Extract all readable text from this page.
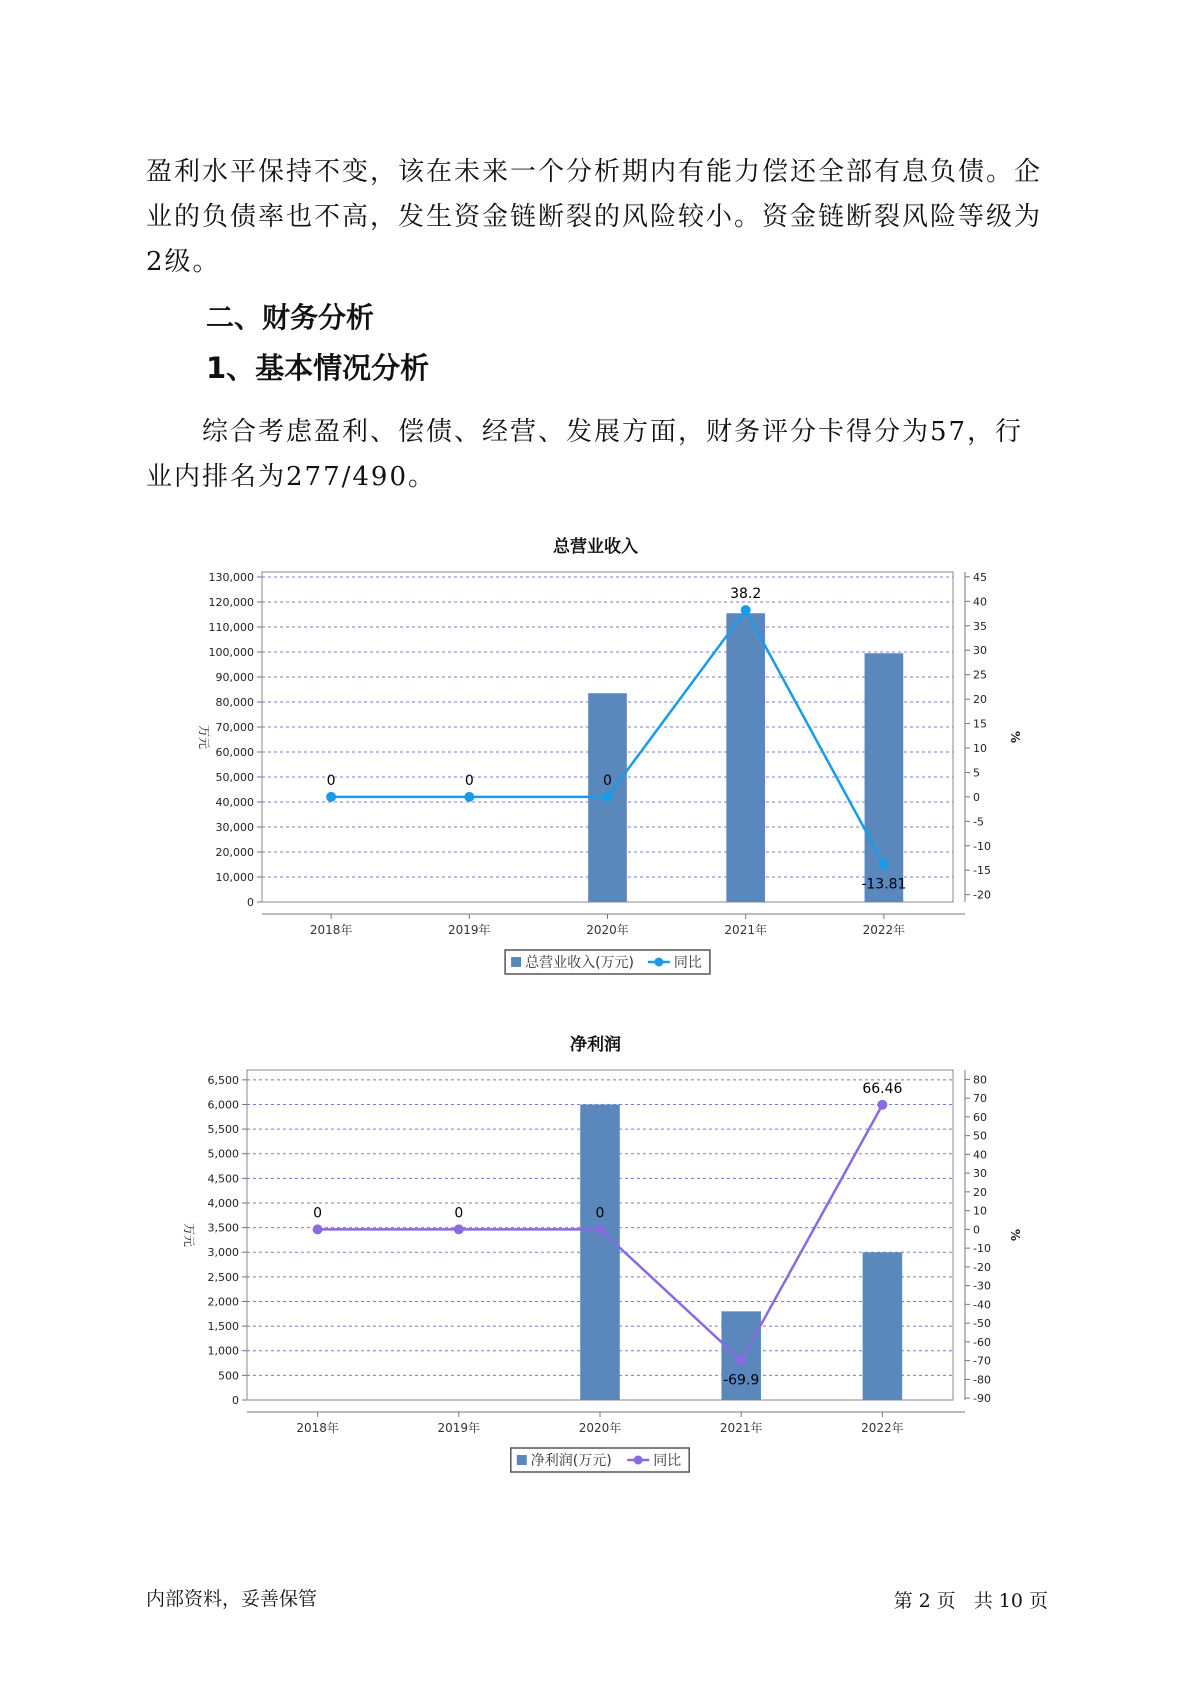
盈利水平保持不变，该在未来一个分析期内有能力偿还全部有息负债。企业的负债率也不高，发生资金链断裂的风险较小。资金链断裂风险等级为2级。

二、财务分析
1、基本情况分析

综合考虑盈利、偿债、经营、发展方面，财务评分卡得分为57，行业内排名为277/490。

总营业收入
0
10,000
20,000
30,000
40,000
50,000
60,000
70,000
80,000
90,000
100,000
110,000
120,000
130,000
-20
-15
-10
-5
0
5
10
15
20
25
30
35
40
45
2018年	2019年	2020年	2021年	2022年
万元	%
0	0	0
38.2
-13.81
总营业收入(万元)	同比
净利润
0
500
1,000
1,500
2,000
2,500
3,000
3,500
4,000
4,500
5,000
5,500
6,000
6,500
-90
-80
-70
-60
-50
-40
-30
-20
-10
0
10
20
30
40
50
60
70
80
2018年	2019年	2020年	2021年	2022年
万元	%
0	0	0
-69.9
66.46
净利润(万元)	同比
内部资料，妥善保管	第 2 页 共 10 页
